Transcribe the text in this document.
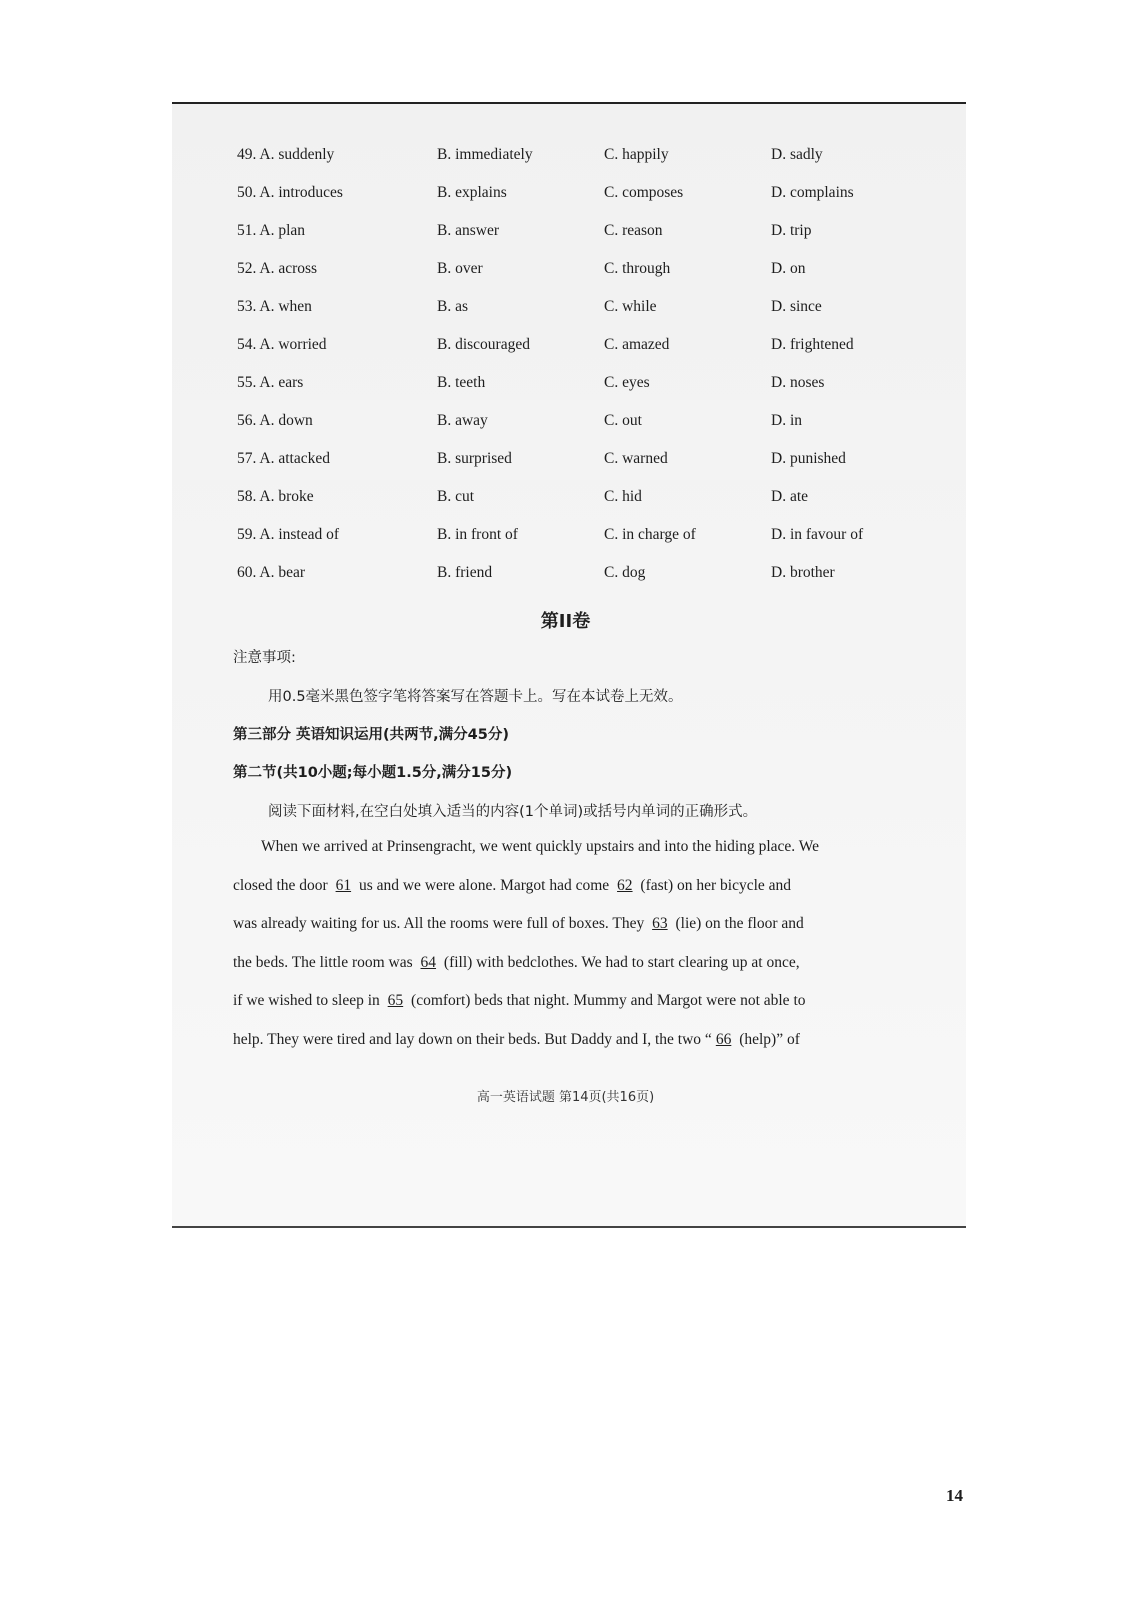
49. A. suddenly	B. immediately	C. happily	D. sadly
50. A. introduces	B. explains	C. composes	D. complains
51. A. plan	B. answer	C. reason	D. trip
52. A. across	B. over	C. through	D. on
53. A. when	B. as	C. while	D. since
54. A. worried	B. discouraged	C. amazed	D. frightened
55. A. ears	B. teeth	C. eyes	D. noses
56. A. down	B. away	C. out	D. in
57. A. attacked	B. surprised	C. warned	D. punished
58. A. broke	B. cut	C. hid	D. ate
59. A. instead of	B. in front of	C. in charge of	D. in favour of
60. A. bear	B. friend	C. dog	D. brother
第II卷
注意事项:
用0.5毫米黑色签字笔将答案写在答题卡上。写在本试卷上无效。
第三部分 英语知识运用(共两节,满分45分)
第二节(共10小题;每小题1.5分,满分15分)
阅读下面材料,在空白处填入适当的内容(1个单词)或括号内单词的正确形式。
When we arrived at Prinsengracht, we went quickly upstairs and into the hiding place. We
closed the door 61 us and we were alone. Margot had come 62 (fast) on her bicycle and
was already waiting for us. All the rooms were full of boxes. They 63 (lie) on the floor and
the beds. The little room was 64 (fill) with bedclothes. We had to start clearing up at once,
if we wished to sleep in 65 (comfort) beds that night. Mummy and Margot were not able to
help. They were tired and lay down on their beds. But Daddy and I, the two “ 66 (help)” of
高一英语试题 第14页(共16页)
14
